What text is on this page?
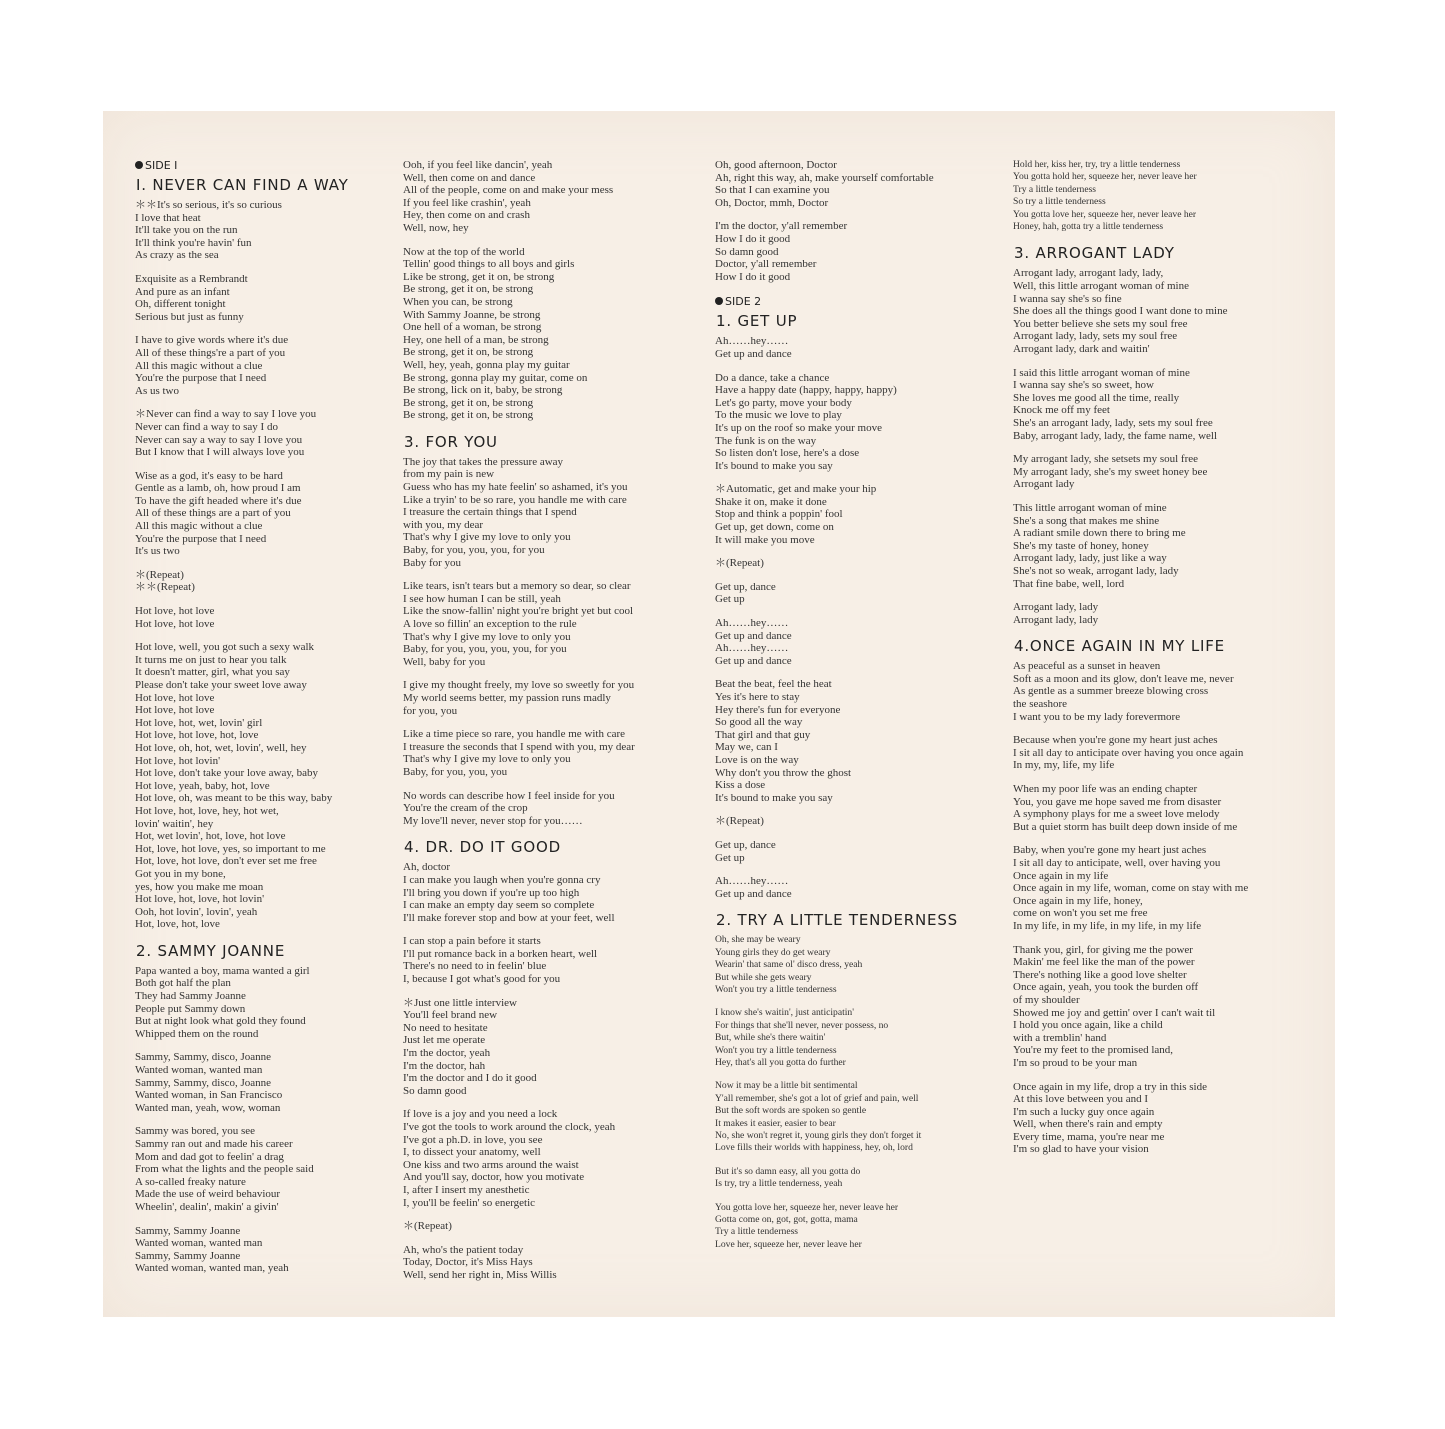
SIDE I
I. NEVER CAN FIND A WAY
＊＊It's so serious, it's so curious
I love that heat
It'll take you on the run
It'll think you're havin' fun
As crazy as the sea
Exquisite as a Rembrandt
And pure as an infant
Oh, different tonight
Serious but just as funny
I have to give words where it's due
All of these things're a part of you
All this magic without a clue
You're the purpose that I need
As us two
＊Never can find a way to say I love you
Never can find a way to say I do
Never can say a way to say I love you
But I know that I will always love you
Wise as a god, it's easy to be hard
Gentle as a lamb, oh, how proud I am
To have the gift headed where it's due
All of these things are a part of you
All this magic without a clue
You're the purpose that I need
It's us two
＊(Repeat)
＊＊(Repeat)
Hot love, hot love
Hot love, hot love
Hot love, well, you got such a sexy walk
It turns me on just to hear you talk
It doesn't matter, girl, what you say
Please don't take your sweet love away
Hot love, hot love
Hot love, hot love
Hot love, hot, wet, lovin' girl
Hot love, hot love, hot, love
Hot love, oh, hot, wet, lovin', well, hey
Hot love, hot lovin'
Hot love, don't take your love away, baby
Hot love, yeah, baby, hot, love
Hot love, oh, was meant to be this way, baby
Hot love, hot, love, hey, hot wet,
lovin' waitin', hey
Hot, wet lovin', hot, love, hot love
Hot, love, hot love, yes, so important to me
Hot, love, hot love, don't ever set me free
Got you in my bone,
yes, how you make me moan
Hot love, hot, love, hot lovin'
Ooh, hot lovin', lovin', yeah
Hot, love, hot, love
2. SAMMY JOANNE
Papa wanted a boy, mama wanted a girl
Both got half the plan
They had Sammy Joanne
People put Sammy down
But at night look what gold they found
Whipped them on the round
Sammy, Sammy, disco, Joanne
Wanted woman, wanted man
Sammy, Sammy, disco, Joanne
Wanted woman, in San Francisco
Wanted man, yeah, wow, woman
Sammy was bored, you see
Sammy ran out and made his career
Mom and dad got to feelin' a drag
From what the lights and the people said
A so-called freaky nature
Made the use of weird behaviour
Wheelin', dealin', makin' a givin'
Sammy, Sammy Joanne
Wanted woman, wanted man
Sammy, Sammy Joanne
Wanted woman, wanted man, yeah
Ooh, if you feel like dancin', yeah
Well, then come on and dance
All of the people, come on and make your mess
If you feel like crashin', yeah
Hey, then come on and crash
Well, now, hey
Now at the top of the world
Tellin' good things to all boys and girls
Like be strong, get it on, be strong
Be strong, get it on, be strong
When you can, be strong
With Sammy Joanne, be strong
One hell of a woman, be strong
Hey, one hell of a man, be strong
Be strong, get it on, be strong
Well, hey, yeah, gonna play my guitar
Be strong, gonna play my guitar, come on
Be strong, lick on it, baby, be strong
Be strong, get it on, be strong
Be strong, get it on, be strong
3. FOR YOU
The joy that takes the pressure away
from my pain is new
Guess who has my hate feelin' so ashamed, it's you
Like a tryin' to be so rare, you handle me with care
I treasure the certain things that I spend
with you, my dear
That's why I give my love to only you
Baby, for you, you, you, for you
Baby for you
Like tears, isn't tears but a memory so dear, so clear
I see how human I can be still, yeah
Like the snow-fallin' night you're bright yet but cool
A love so fillin' an exception to the rule
That's why I give my love to only you
Baby, for you, you, you, you, for you
Well, baby for you
I give my thought freely, my love so sweetly for you
My world seems better, my passion runs madly
for you, you
Like a time piece so rare, you handle me with care
I treasure the seconds that I spend with you, my dear
That's why I give my love to only you
Baby, for you, you, you
No words can describe how I feel inside for you
You're the cream of the crop
My love'll never, never stop for you……
4. DR. DO IT GOOD
Ah, doctor
I can make you laugh when you're gonna cry
I'll bring you down if you're up too high
I can make an empty day seem so complete
I'll make forever stop and bow at your feet, well
I can stop a pain before it starts
I'll put romance back in a borken heart, well
There's no need to in feelin' blue
I, because I got what's good for you
＊Just one little interview
You'll feel brand new
No need to hesitate
Just let me operate
I'm the doctor, yeah
I'm the doctor, hah
I'm the doctor and I do it good
So damn good
If love is a joy and you need a lock
I've got the tools to work around the clock, yeah
I've got a ph.D. in love, you see
I, to dissect your anatomy, well
One kiss and two arms around the waist
And you'll say, doctor, how you motivate
I, after I insert my anesthetic
I, you'll be feelin' so energetic
＊(Repeat)
Ah, who's the patient today
Today, Doctor, it's Miss Hays
Well, send her right in, Miss Willis
Oh, good afternoon, Doctor
Ah, right this way, ah, make yourself comfortable
So that I can examine you
Oh, Doctor, mmh, Doctor
I'm the doctor, y'all remember
How I do it good
So damn good
Doctor, y'all remember
How I do it good
SIDE 2
1. GET UP
Ah……hey……
Get up and dance
Do a dance, take a chance
Have a happy date (happy, happy, happy)
Let's go party, move your body
To the music we love to play
It's up on the roof so make your move
The funk is on the way
So listen don't lose, here's a dose
It's bound to make you say
＊Automatic, get and make your hip
Shake it on, make it done
Stop and think a poppin' fool
Get up, get down, come on
It will make you move
＊(Repeat)
Get up, dance
Get up
Ah……hey……
Get up and dance
Ah……hey……
Get up and dance
Beat the beat, feel the heat
Yes it's here to stay
Hey there's fun for everyone
So good all the way
That girl and that guy
May we, can I
Love is on the way
Why don't you throw the ghost
Kiss a dose
It's bound to make you say
＊(Repeat)
Get up, dance
Get up
Ah……hey……
Get up and dance
2. TRY A LITTLE TENDERNESS
Oh, she may be weary
Young girls they do get weary
Wearin' that same ol' disco dress, yeah
But while she gets weary
Won't you try a little tenderness
I know she's waitin', just anticipatin'
For things that she'll never, never possess, no
But, while she's there waitin'
Won't you try a little tenderness
Hey, that's all you gotta do further
Now it may be a little bit sentimental
Y'all remember, she's got a lot of grief and pain, well
But the soft words are spoken so gentle
It makes it easier, easier to bear
No, she won't regret it, young girls they don't forget it
Love fills their worlds with happiness, hey, oh, lord
But it's so damn easy, all you gotta do
Is try, try a little tenderness, yeah
You gotta love her, squeeze her, never leave her
Gotta come on, got, got, gotta, mama
Try a little tenderness
Love her, squeeze her, never leave her
Hold her, kiss her, try, try a little tenderness
You gotta hold her, squeeze her, never leave her
Try a little tenderness
So try a little tenderness
You gotta love her, squeeze her, never leave her
Honey, hah, gotta try a little tenderness
3. ARROGANT LADY
Arrogant lady, arrogant lady, lady,
Well, this little arrogant woman of mine
I wanna say she's so fine
She does all the things good I want done to mine
You better believe she sets my soul free
Arrogant lady, lady, sets my soul free
Arrogant lady, dark and waitin'
I said this little arrogant woman of mine
I wanna say she's so sweet, how
She loves me good all the time, really
Knock me off my feet
She's an arrogant lady, lady, sets my soul free
Baby, arrogant lady, lady, the fame name, well
My arrogant lady, she setsets my soul free
My arrogant lady, she's my sweet honey bee
Arrogant lady
This little arrogant woman of mine
She's a song that makes me shine
A radiant smile down there to bring me
She's my taste of honey, honey
Arrogant lady, lady, just like a way
She's not so weak, arrogant lady, lady
That fine babe, well, lord
Arrogant lady, lady
Arrogant lady, lady
4.ONCE AGAIN IN MY LIFE
As peaceful as a sunset in heaven
Soft as a moon and its glow, don't leave me, never
As gentle as a summer breeze blowing cross
the seashore
I want you to be my lady forevermore
Because when you're gone my heart just aches
I sit all day to anticipate over having you once again
In my, my, life, my life
When my poor life was an ending chapter
You, you gave me hope saved me from disaster
A symphony plays for me a sweet love melody
But a quiet storm has built deep down inside of me
Baby, when you're gone my heart just aches
I sit all day to anticipate, well, over having you
Once again in my life
Once again in my life, woman, come on stay with me
Once again in my life, honey,
come on won't you set me free
In my life, in my life, in my life, in my life
Thank you, girl, for giving me the power
Makin' me feel like the man of the power
There's nothing like a good love shelter
Once again, yeah, you took the burden off
of my shoulder
Showed me joy and gettin' over I can't wait til
I hold you once again, like a child
with a tremblin' hand
You're my feet to the promised land,
I'm so proud to be your man
Once again in my life, drop a try in this side
At this love between you and I
I'm such a lucky guy once again
Well, when there's rain and empty
Every time, mama, you're near me
I'm so glad to have your vision
